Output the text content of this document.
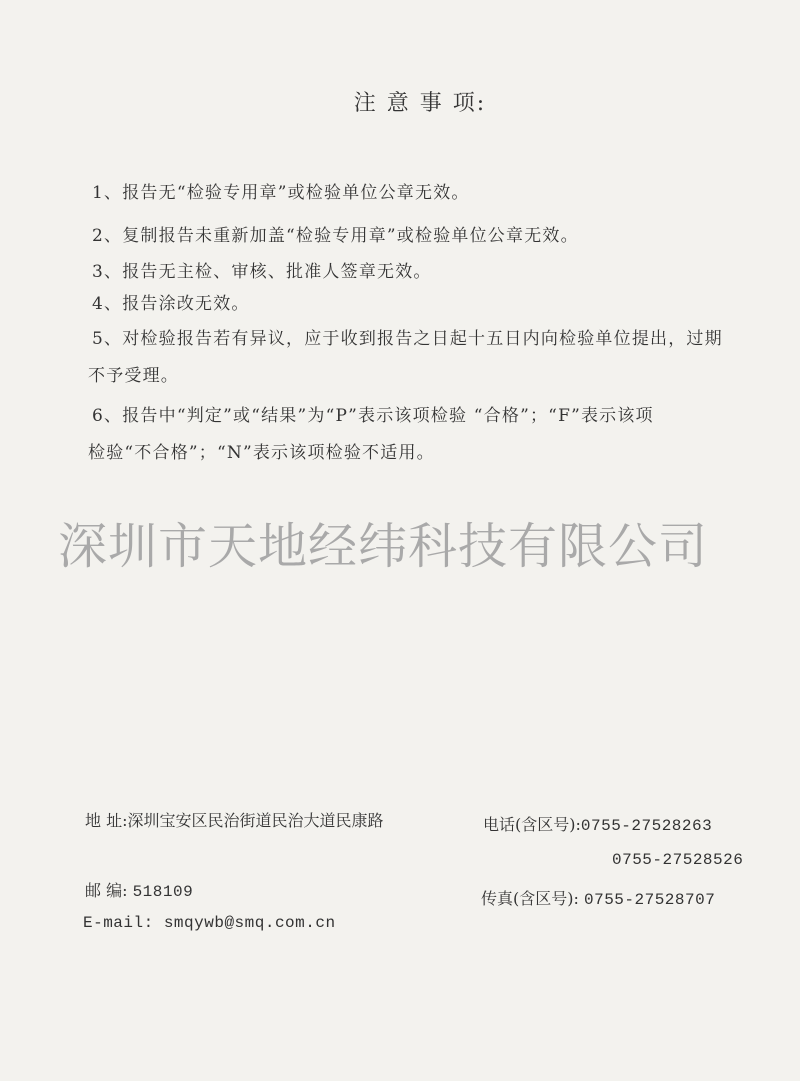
注 意 事 项:
1、报告无“检验专用章”或检验单位公章无效。
2、复制报告未重新加盖“检验专用章”或检验单位公章无效。
3、报告无主检、审核、批准人签章无效。
4、报告涂改无效。
5、对检验报告若有异议，应于收到报告之日起十五日内向检验单位提出，过期
不予受理。
6、报告中“判定”或“结果”为“P”表示该项检验 “合格”；“F”表示该项
检验“不合格”；“N”表示该项检验不适用。
深圳市天地经纬科技有限公司
地 址:深圳宝安区民治街道民治大道民康路	电话(含区号):0755-27528263
0755-27528526
邮 编: 518109	传真(含区号): 0755-27528707
E-mail: smqywb@smq.com.cn
